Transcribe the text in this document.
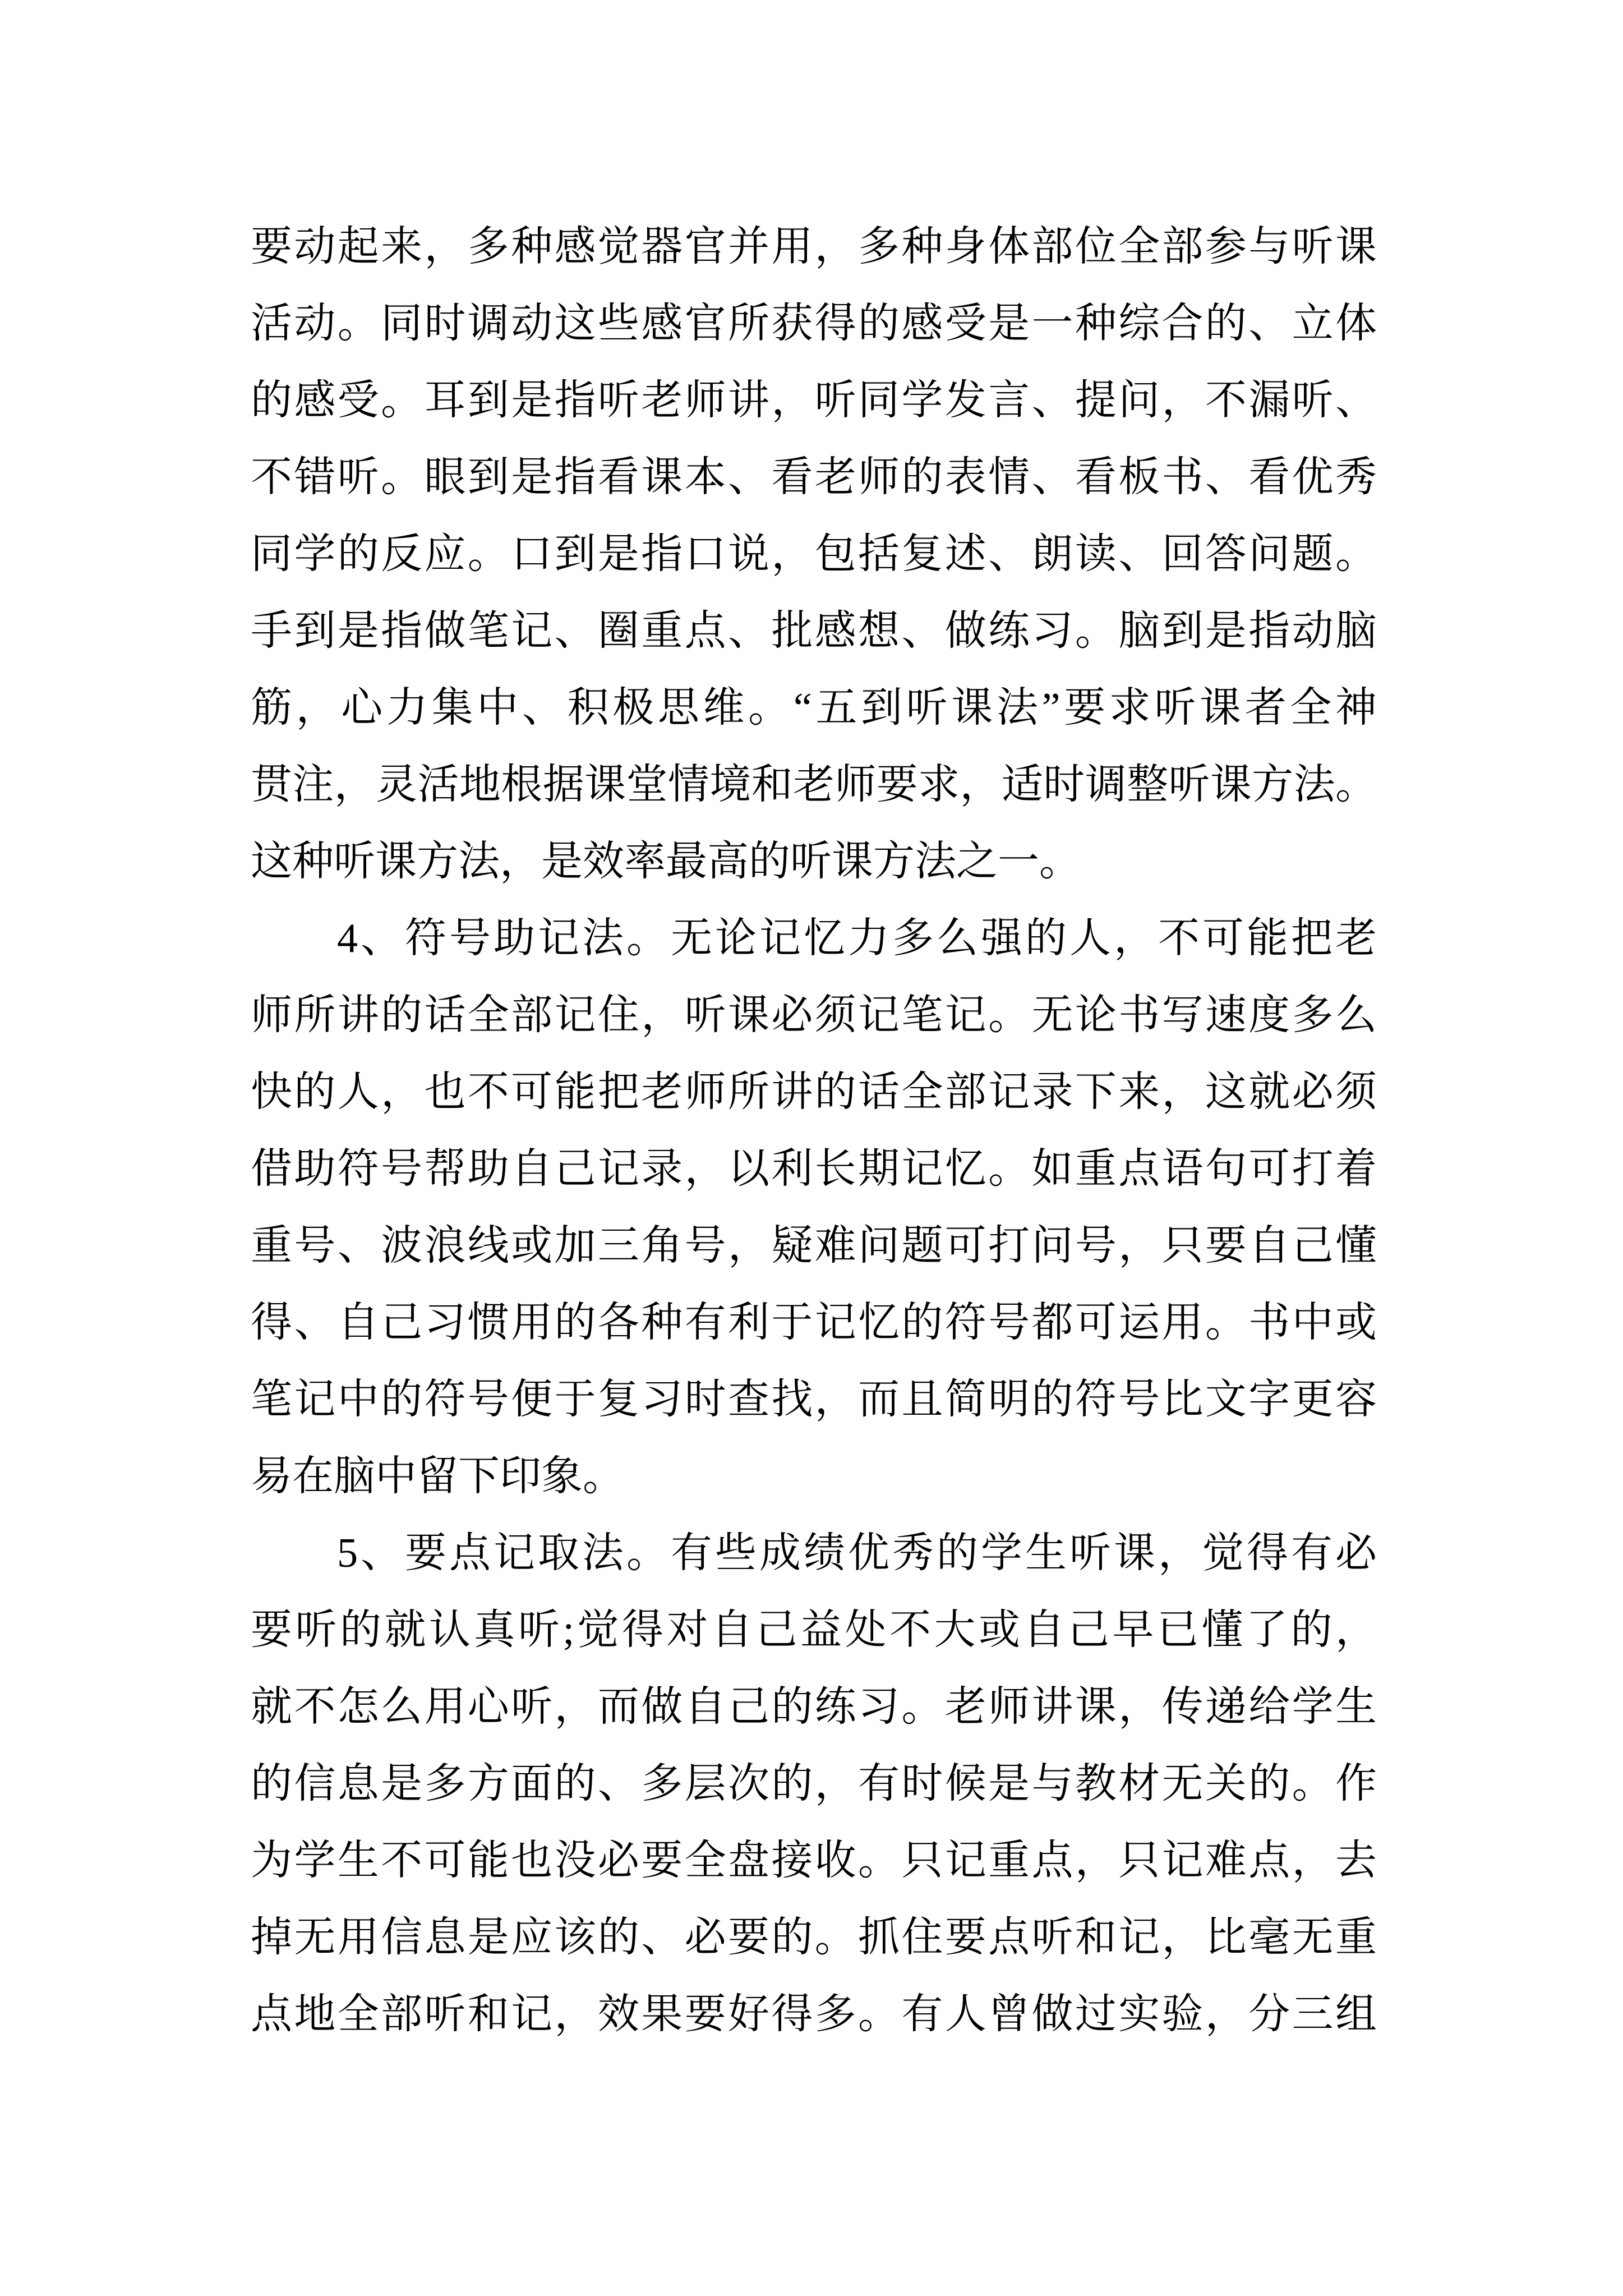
要动起来，多种感觉器官并用，多种身体部位全部参与听课
活动。同时调动这些感官所获得的感受是一种综合的、立体
的感受。耳到是指听老师讲，听同学发言、提问，不漏听、
不错听。眼到是指看课本、看老师的表情、看板书、看优秀
同学的反应。口到是指口说，包括复述、朗读、回答问题。
手到是指做笔记、圈重点、批感想、做练习。脑到是指动脑
筋，心力集中、积极思维。“五到听课法”要求听课者全神
贯注，灵活地根据课堂情境和老师要求，适时调整听课方法。
这种听课方法，是效率最高的听课方法之一。
4、符号助记法。无论记忆力多么强的人，不可能把老
师所讲的话全部记住，听课必须记笔记。无论书写速度多么
快的人，也不可能把老师所讲的话全部记录下来，这就必须
借助符号帮助自己记录，以利长期记忆。如重点语句可打着
重号、波浪线或加三角号，疑难问题可打问号，只要自己懂
得、自己习惯用的各种有利于记忆的符号都可运用。书中或
笔记中的符号便于复习时查找，而且简明的符号比文字更容
易在脑中留下印象。
5、要点记取法。有些成绩优秀的学生听课，觉得有必
要听的就认真听;觉得对自己益处不大或自己早已懂了的，
就不怎么用心听，而做自己的练习。老师讲课，传递给学生
的信息是多方面的、多层次的，有时候是与教材无关的。作
为学生不可能也没必要全盘接收。只记重点，只记难点，去
掉无用信息是应该的、必要的。抓住要点听和记，比毫无重
点地全部听和记，效果要好得多。有人曾做过实验，分三组
